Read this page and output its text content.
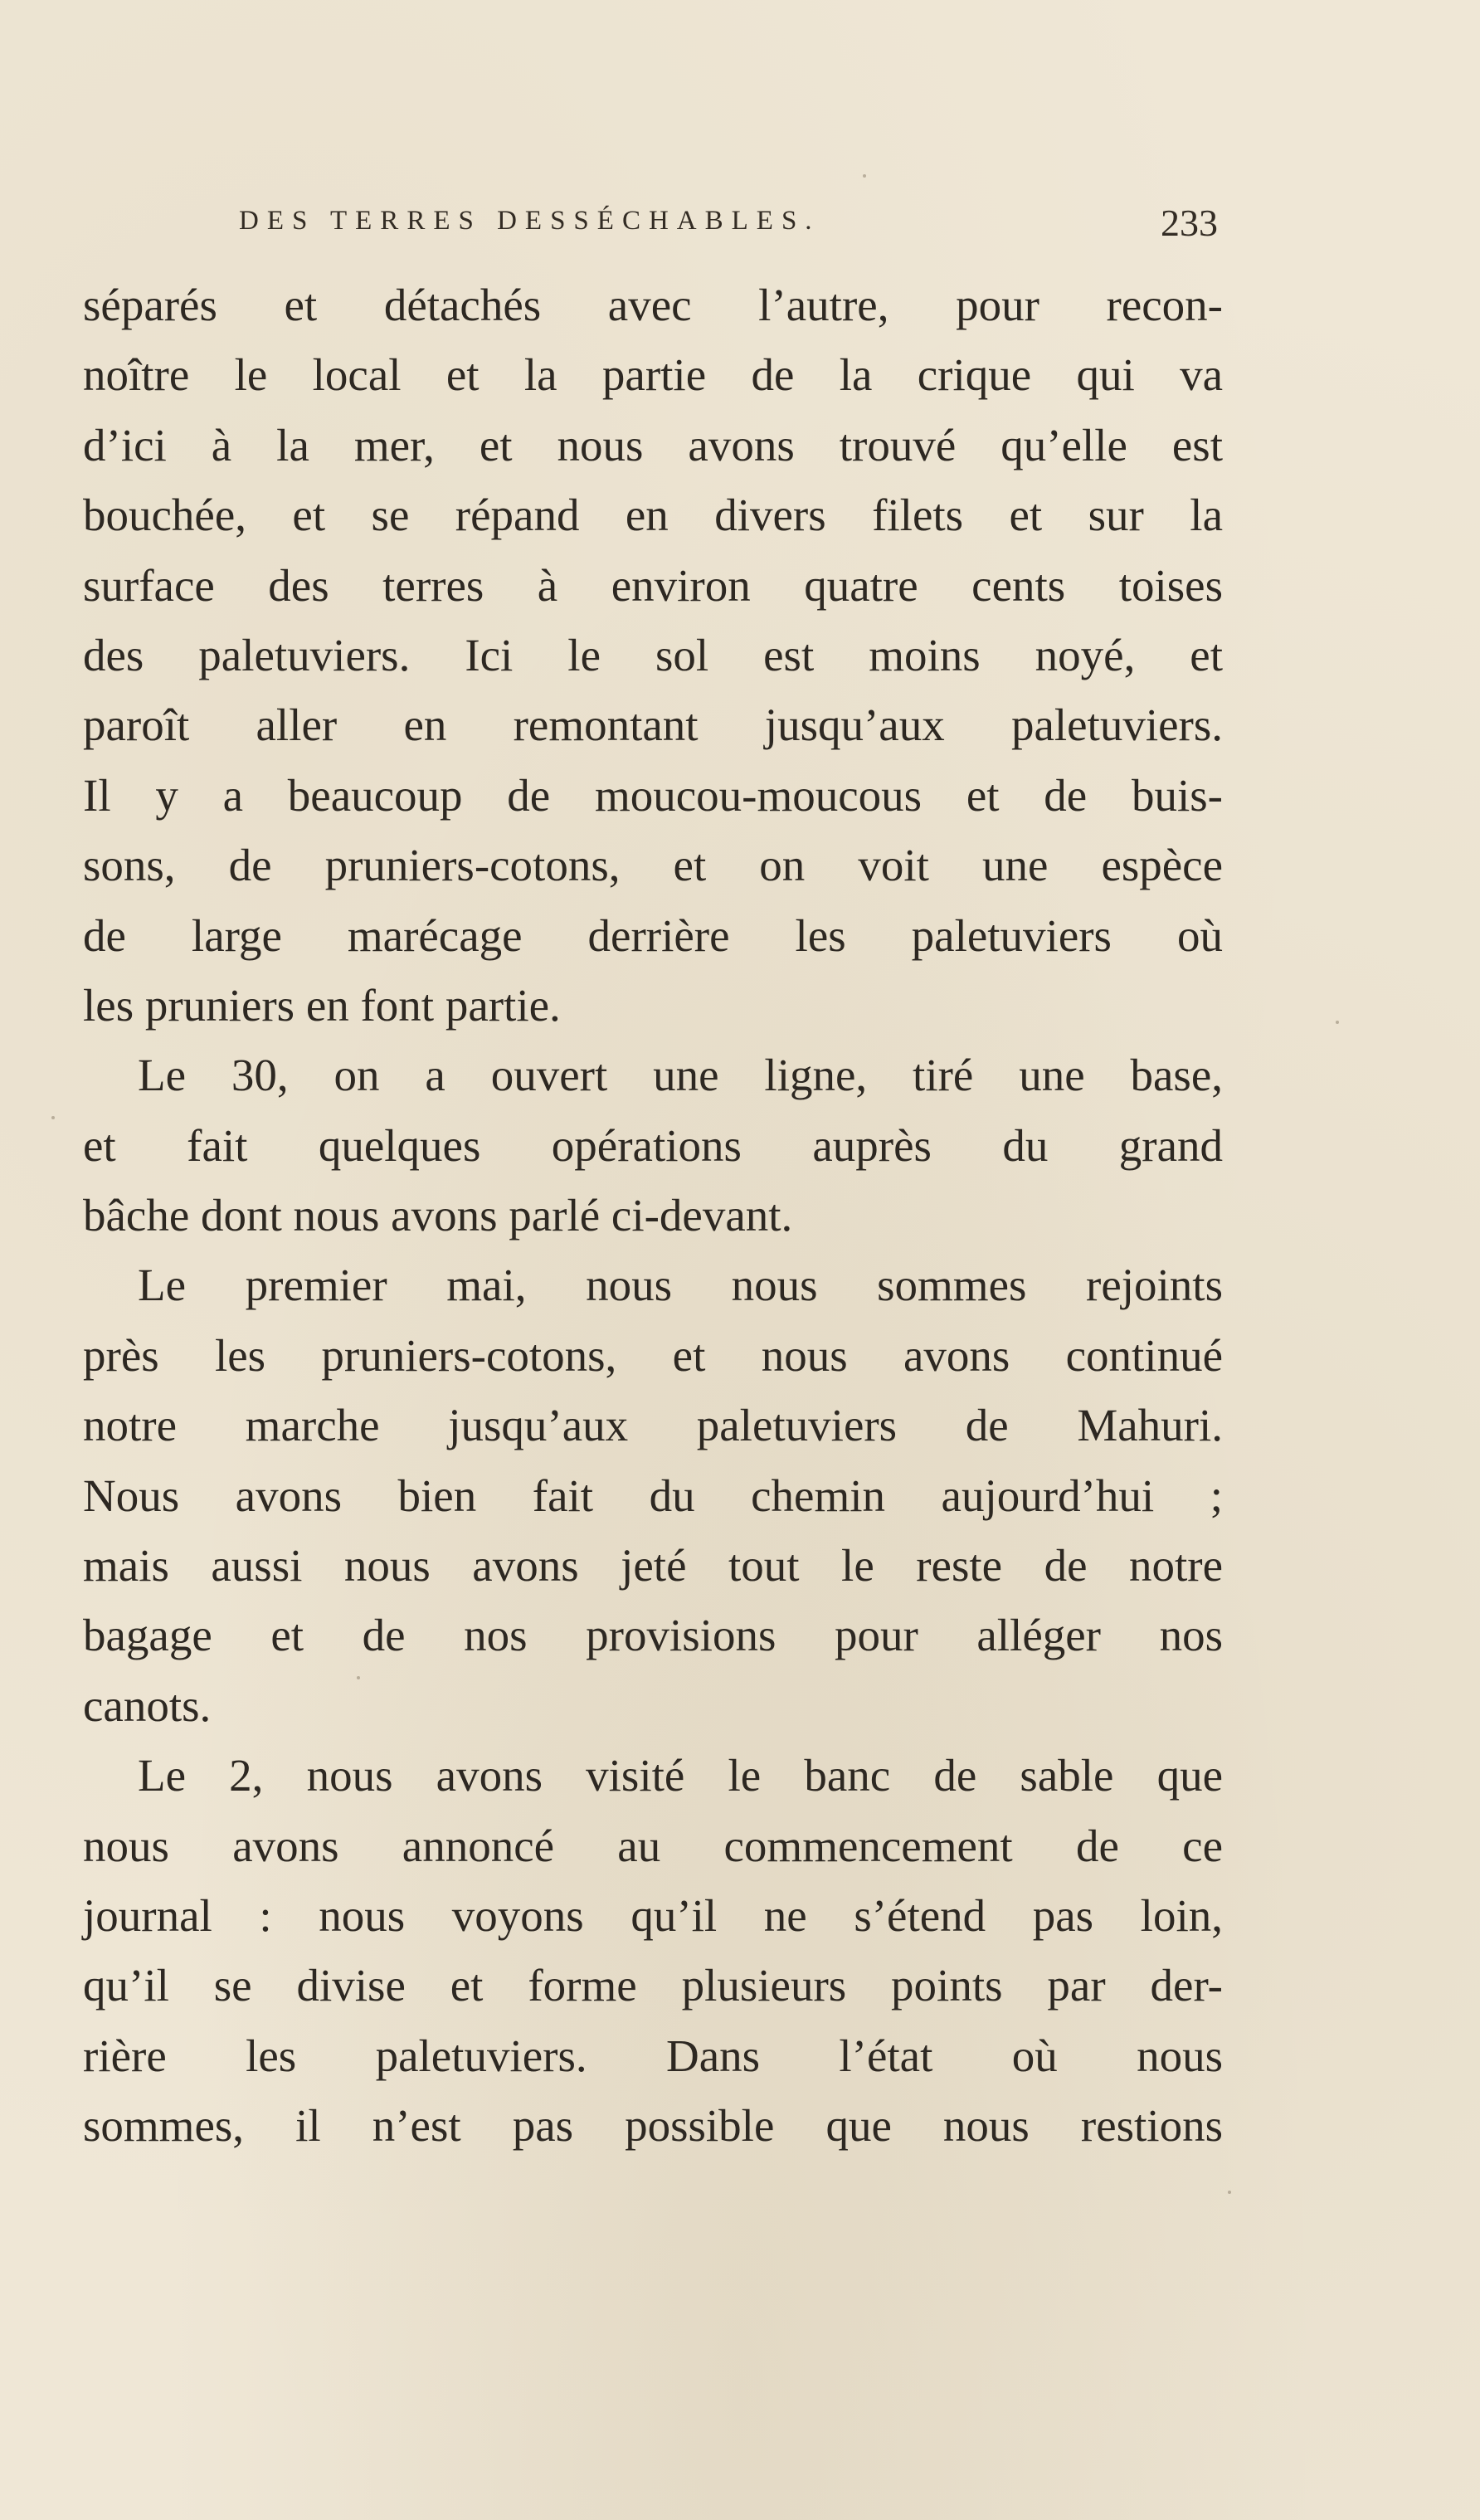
DES TERRES DESSÉCHABLES.	233
séparés et détachés avec l’autre, pour recon-
noître le local et la partie de la crique qui va
d’ici à la mer, et nous avons trouvé qu’elle est
bouchée, et se répand en divers filets et sur la
surface des terres à environ quatre cents toises
des paletuviers. Ici le sol est moins noyé, et
paroît aller en remontant jusqu’aux paletuviers.
Il y a beaucoup de moucou-moucous et de buis-
sons, de pruniers-cotons, et on voit une espèce
de large marécage derrière les paletuviers où
les pruniers en font partie.
Le 30, on a ouvert une ligne, tiré une base,
et fait quelques opérations auprès du grand
bâche dont nous avons parlé ci-devant.
Le premier mai, nous nous sommes rejoints
près les pruniers-cotons, et nous avons continué
notre marche jusqu’aux paletuviers de Mahuri.
Nous avons bien fait du chemin aujourd’hui ;
mais aussi nous avons jeté tout le reste de notre
bagage et de nos provisions pour alléger nos
canots.
Le 2, nous avons visité le banc de sable que
nous avons annoncé au commencement de ce
journal : nous voyons qu’il ne s’étend pas loin,
qu’il se divise et forme plusieurs points par der-
rière les paletuviers. Dans l’état où nous
sommes, il n’est pas possible que nous restions
